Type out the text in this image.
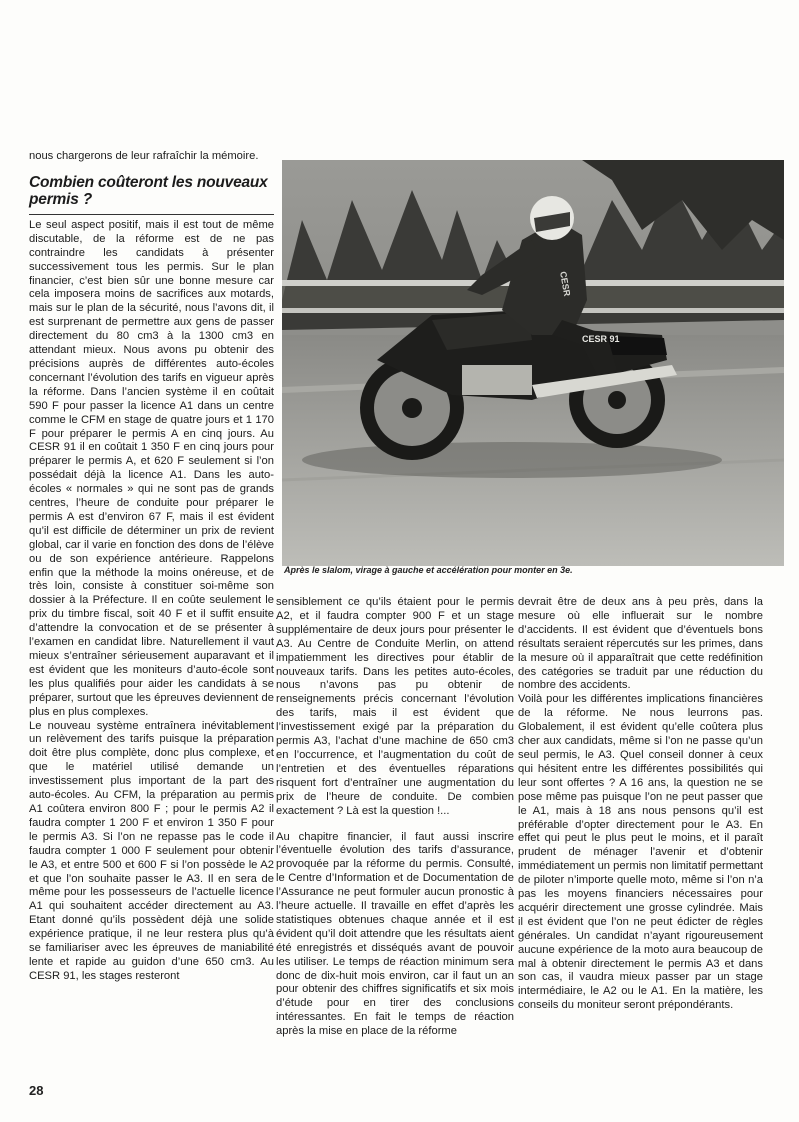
nous chargerons de leur rafraîchir la mémoire.

Combien coûteront les nouveaux permis ?

Le seul aspect positif, mais il est tout de même discutable, de la réforme est de ne pas contraindre les candidats à présenter successivement tous les permis. Sur le plan financier, c’est bien sûr une bonne mesure car cela imposera moins de sacrifices aux motards, mais sur le plan de la sécurité, nous l’avons dit, il est surprenant de permettre aux gens de passer directement du 80 cm3 à la 1300 cm3 en attendant mieux. Nous avons pu obtenir des précisions auprès de différentes auto-écoles concernant l’évolution des tarifs en vigueur après la réforme. Dans l’ancien système il en coûtait 590 F pour passer la licence A1 dans un centre comme le CFM en stage de quatre jours et 1 170 F pour préparer le permis A en cinq jours. Au CESR 91 il en coûtait 1 350 F en cinq jours pour préparer le permis A, et 620 F seulement si l’on possédait déjà la licence A1. Dans les auto-écoles « normales » qui ne sont pas de grands centres, l’heure de conduite pour préparer le permis A est d’environ 67 F, mais il est évident qu’il est difficile de déterminer un prix de revient global, car il varie en fonction des dons de l’élève ou de son expérience antérieure. Rappelons enfin que la méthode la moins onéreuse, et de très loin, consiste à constituer soi-même son dossier à la Préfecture. Il en coûte seulement le prix du timbre fiscal, soit 40 F et il suffit ensuite d’attendre la convocation et de se présenter à l’examen en candidat libre. Naturellement il vaut mieux s’entraîner sérieusement auparavant et il est évident que les moniteurs d’auto-école sont les plus qualifiés pour aider les candidats à se préparer, surtout que les épreuves deviennent de plus en plus complexes.

Le nouveau système entraînera inévitablement un relèvement des tarifs puisque la préparation doit être plus complète, donc plus complexe, et que le matériel utilisé demande un investissement plus important de la part des auto-écoles. Au CFM, la préparation au permis A1 coûtera environ 800 F ; pour le permis A2 il faudra compter 1 200 F et environ 1 350 F pour le permis A3. Si l’on ne repasse pas le code il faudra compter 1 000 F seulement pour obtenir le A3, et entre 500 et 600 F si l’on possède le A2 et que l’on souhaite passer le A3. Il en sera de même pour les possesseurs de l’actuelle licence A1 qui souhaitent accéder directement au A3. Etant donné qu’ils possèdent déjà une solide expérience pratique, il ne leur restera plus qu’à se familiariser avec les épreuves de maniabilité lente et rapide au guidon d’une 650 cm3. Au CESR 91, les stages resteront

CESR
CESR 91
Après le slalom, virage à gauche et accélération pour monter en 3e.

sensiblement ce qu’ils étaient pour le permis A2, et il faudra compter 900 F et un stage supplémentaire de deux jours pour présenter le A3. Au Centre de Conduite Merlin, on attend impatiemment les directives pour établir de nouveaux tarifs. Dans les petites auto-écoles, nous n’avons pas pu obtenir de renseignements précis concernant l’évolution des tarifs, mais il est évident que l’investissement exigé par la préparation du permis A3, l’achat d’une machine de 650 cm3 en l’occurrence, et l’augmentation du coût de l’entretien et des éventuelles réparations risquent fort d’entraîner une augmentation du prix de l’heure de conduite. De combien exactement ? Là est la question !...

Au chapitre financier, il faut aussi inscrire l’éventuelle évolution des tarifs d’assurance, provoquée par la réforme du permis. Consulté, le Centre d’Information et de Documentation de l’Assurance ne peut formuler aucun pronostic à l’heure actuelle. Il travaille en effet d’après les statistiques obtenues chaque année et il est évident qu’il doit attendre que les résultats aient été enregistrés et disséqués avant de pouvoir les utiliser. Le temps de réaction minimum sera donc de dix-huit mois environ, car il faut un an pour obtenir des chiffres significatifs et six mois d’étude pour en tirer des conclusions intéressantes. En fait le temps de réaction après la mise en place de la réforme

devrait être de deux ans à peu près, dans la mesure où elle influerait sur le nombre d’accidents. Il est évident que d’éventuels bons résultats seraient répercutés sur les primes, dans la mesure où il apparaîtrait que cette redéfinition des catégories se traduit par une réduction du nombre des accidents.

Voilà pour les différentes implications financières de la réforme. Ne nous leurrons pas. Globalement, il est évident qu’elle coûtera plus cher aux candidats, même si l’on ne passe qu’un seul permis, le A3. Quel conseil donner à ceux qui hésitent entre les différentes possibilités qui leur sont offertes ? A 16 ans, la question ne se pose même pas puisque l’on ne peut passer que le A1, mais à 18 ans nous pensons qu’il est préférable d’opter directement pour le A3. En effet qui peut le plus peut le moins, et il paraît prudent de ménager l’avenir et d’obtenir immédiatement un permis non limitatif permettant de piloter n’importe quelle moto, même si l’on n’a pas les moyens financiers nécessaires pour acquérir directement une grosse cylindrée. Mais il est évident que l’on ne peut édicter de règles générales. Un candidat n’ayant rigoureusement aucune expérience de la moto aura beaucoup de mal à obtenir directement le permis A3 et dans son cas, il vaudra mieux passer par un stage intermédiaire, le A2 ou le A1. En la matière, les conseils du moniteur seront prépondérants.

28
